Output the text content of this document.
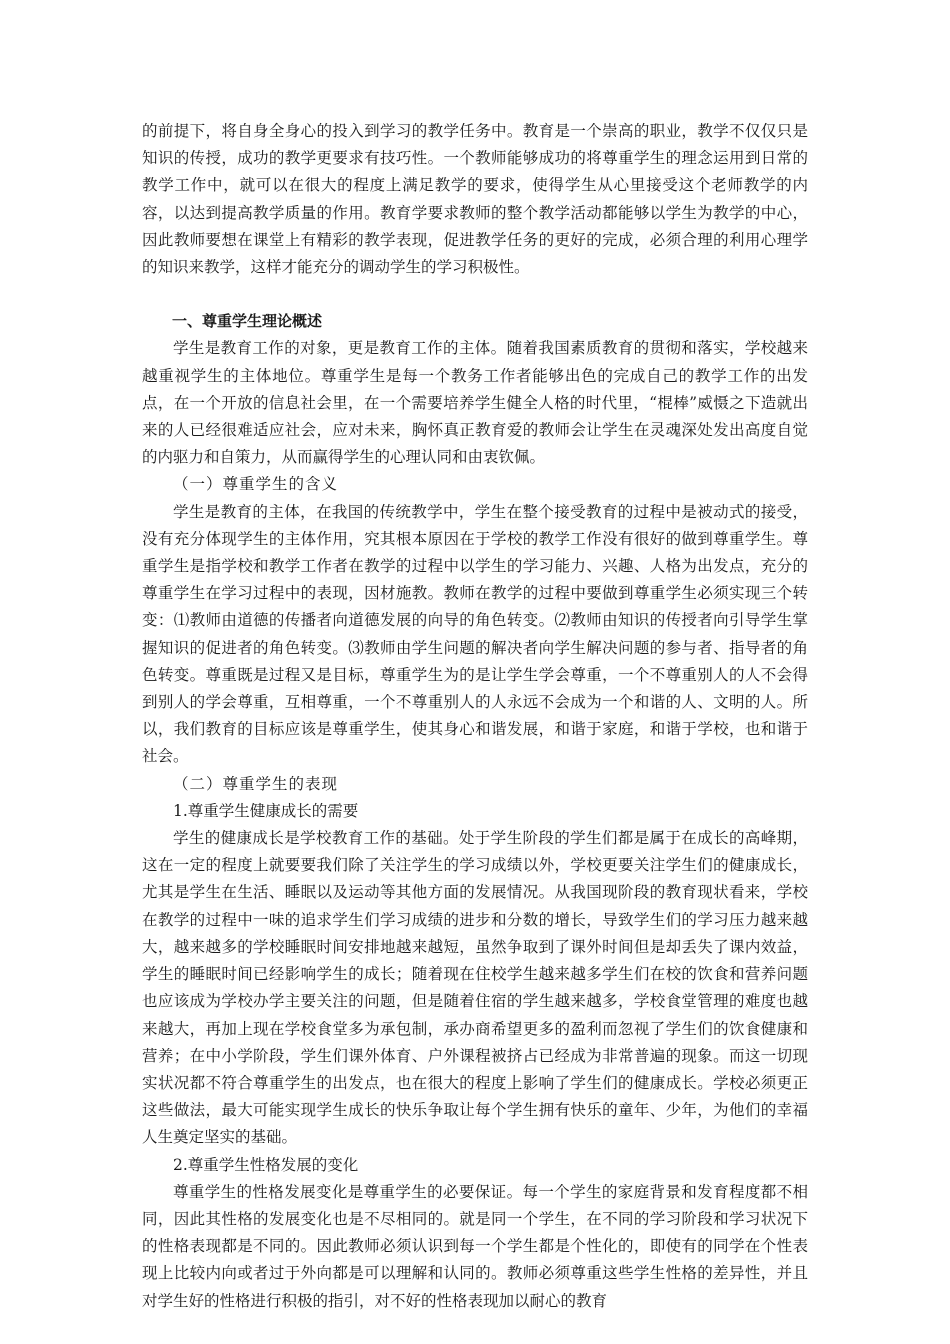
的前提下，将自身全身心的投入到学习的教学任务中。教育是一个崇高的职业，教学不仅仅只是知识的传授，成功的教学更要求有技巧性。一个教师能够成功的将尊重学生的理念运用到日常的教学工作中，就可以在很大的程度上满足教学的要求，使得学生从心里接受这个老师教学的内容，以达到提高教学质量的作用。教育学要求教师的整个教学活动都能够以学生为教学的中心，因此教师要想在课堂上有精彩的教学表现，促进教学任务的更好的完成，必须合理的利用心理学的知识来教学，这样才能充分的调动学生的学习积极性。

一、尊重学生理论概述

学生是教育工作的对象，更是教育工作的主体。随着我国素质教育的贯彻和落实，学校越来越重视学生的主体地位。尊重学生是每一个教务工作者能够出色的完成自己的教学工作的出发点，在一个开放的信息社会里，在一个需要培养学生健全人格的时代里，“棍棒”威慑之下造就出来的人已经很难适应社会，应对未来，胸怀真正教育爱的教师会让学生在灵魂深处发出高度自觉的内驱力和自策力，从而赢得学生的心理认同和由衷钦佩。

（一）尊重学生的含义

学生是教育的主体，在我国的传统教学中，学生在整个接受教育的过程中是被动式的接受，没有充分体现学生的主体作用，究其根本原因在于学校的教学工作没有很好的做到尊重学生。尊重学生是指学校和教学工作者在教学的过程中以学生的学习能力、兴趣、人格为出发点，充分的尊重学生在学习过程中的表现，因材施教。教师在教学的过程中要做到尊重学生必须实现三个转变：⑴教师由道德的传播者向道德发展的向导的角色转变。⑵教师由知识的传授者向引导学生掌握知识的促进者的角色转变。⑶教师由学生问题的解决者向学生解决问题的参与者、指导者的角色转变。尊重既是过程又是目标，尊重学生为的是让学生学会尊重，一个不尊重别人的人不会得到别人的学会尊重，互相尊重，一个不尊重别人的人永远不会成为一个和谐的人、文明的人。所以，我们教育的目标应该是尊重学生，使其身心和谐发展，和谐于家庭，和谐于学校，也和谐于社会。

（二）尊重学生的表现

1.尊重学生健康成长的需要

学生的健康成长是学校教育工作的基础。处于学生阶段的学生们都是属于在成长的高峰期，这在一定的程度上就要要我们除了关注学生的学习成绩以外，学校更要关注学生们的健康成长，尤其是学生在生活、睡眠以及运动等其他方面的发展情况。从我国现阶段的教育现状看来，学校在教学的过程中一味的追求学生们学习成绩的进步和分数的增长，导致学生们的学习压力越来越大，越来越多的学校睡眠时间安排地越来越短，虽然争取到了课外时间但是却丢失了课内效益，学生的睡眠时间已经影响学生的成长；随着现在住校学生越来越多学生们在校的饮食和营养问题也应该成为学校办学主要关注的问题，但是随着住宿的学生越来越多，学校食堂管理的难度也越来越大，再加上现在学校食堂多为承包制，承办商希望更多的盈利而忽视了学生们的饮食健康和营养；在中小学阶段，学生们课外体育、户外课程被挤占已经成为非常普遍的现象。而这一切现实状况都不符合尊重学生的出发点，也在很大的程度上影响了学生们的健康成长。学校必须更正这些做法，最大可能实现学生成长的快乐争取让每个学生拥有快乐的童年、少年，为他们的幸福人生奠定坚实的基础。

2.尊重学生性格发展的变化

尊重学生的性格发展变化是尊重学生的必要保证。每一个学生的家庭背景和发育程度都不相同，因此其性格的发展变化也是不尽相同的。就是同一个学生，在不同的学习阶段和学习状况下的性格表现都是不同的。因此教师必须认识到每一个学生都是个性化的，即使有的同学在个性表现上比较内向或者过于外向都是可以理解和认同的。教师必须尊重这些学生性格的差异性，并且对学生好的性格进行积极的指引，对不好的性格表现加以耐心的教育
